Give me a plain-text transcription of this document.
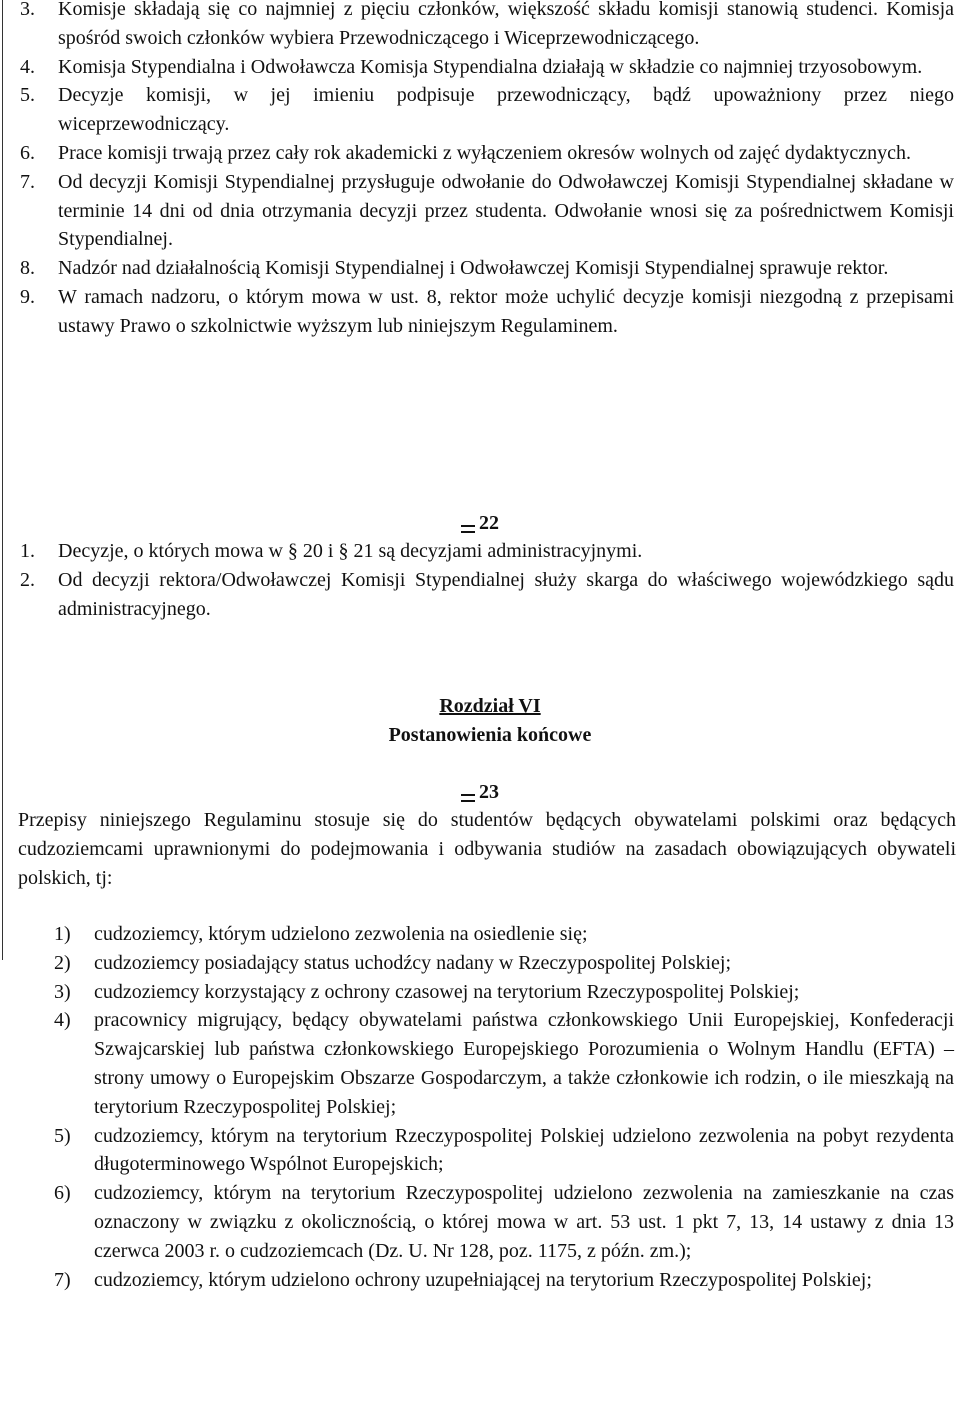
3.	Komisje składają się co najmniej z pięciu członków, większość składu komisji stanowią studenci. Komisja spośród swoich członków wybiera Przewodniczącego i Wiceprzewodniczącego.
4.	Komisja Stypendialna i Odwoławcza Komisja Stypendialna działają w składzie co najmniej trzyosobowym.
5.	Decyzje komisji, w jej imieniu podpisuje przewodniczący, bądź upoważniony przez niego wiceprzewodniczący.
6.	Prace komisji trwają przez cały rok akademicki z wyłączeniem okresów wolnych od zajęć dydaktycznych.
7.	Od decyzji Komisji Stypendialnej przysługuje odwołanie do Odwoławczej Komisji Stypendialnej składane w terminie 14 dni od dnia otrzymania decyzji przez studenta. Odwołanie wnosi się za pośrednictwem Komisji Stypendialnej.
8.	Nadzór nad działalnością Komisji Stypendialnej i Odwoławczej Komisji Stypendialnej sprawuje rektor.
9.	W ramach nadzoru, o którym mowa w ust. 8, rektor może uchylić decyzje komisji niezgodną z przepisami ustawy Prawo o szkolnictwie wyższym lub niniejszym Regulaminem.
22
1.	Decyzje, o których mowa w § 20 i § 21 są decyzjami administracyjnymi.
2.	Od decyzji rektora/Odwoławczej Komisji Stypendialnej służy skarga do właściwego wojewódzkiego sądu administracyjnego.
Rozdział VI
Postanowienia końcowe
23
Przepisy niniejszego Regulaminu stosuje się do studentów będących obywatelami polskimi oraz będących cudzoziemcami uprawnionymi do podejmowania i odbywania studiów na zasadach obowiązujących obywateli polskich, tj:
1)	cudzoziemcy, którym udzielono zezwolenia na osiedlenie się;
2)	cudzoziemcy posiadający status uchodźcy nadany w Rzeczypospolitej Polskiej;
3)	cudzoziemcy korzystający z ochrony czasowej na terytorium Rzeczypospolitej Polskiej;
4)	pracownicy migrujący, będący obywatelami państwa członkowskiego Unii Europejskiej, Konfederacji Szwajcarskiej lub państwa członkowskiego Europejskiego Porozumienia o Wolnym Handlu (EFTA) – strony umowy o Europejskim Obszarze Gospodarczym, a także członkowie ich rodzin, o ile mieszkają na terytorium Rzeczypospolitej Polskiej;
5)	cudzoziemcy, którym na terytorium Rzeczypospolitej Polskiej udzielono zezwolenia na pobyt rezydenta długoterminowego Wspólnot Europejskich;
6)	cudzoziemcy, którym na terytorium Rzeczypospolitej udzielono zezwolenia na zamieszkanie na czas oznaczony w związku z okolicznością, o której mowa w art. 53 ust. 1 pkt 7, 13, 14 ustawy z dnia 13 czerwca 2003 r. o cudzoziemcach (Dz. U. Nr 128, poz. 1175, z późn. zm.);
7)	cudzoziemcy, którym udzielono ochrony uzupełniającej na terytorium Rzeczypospolitej Polskiej;
